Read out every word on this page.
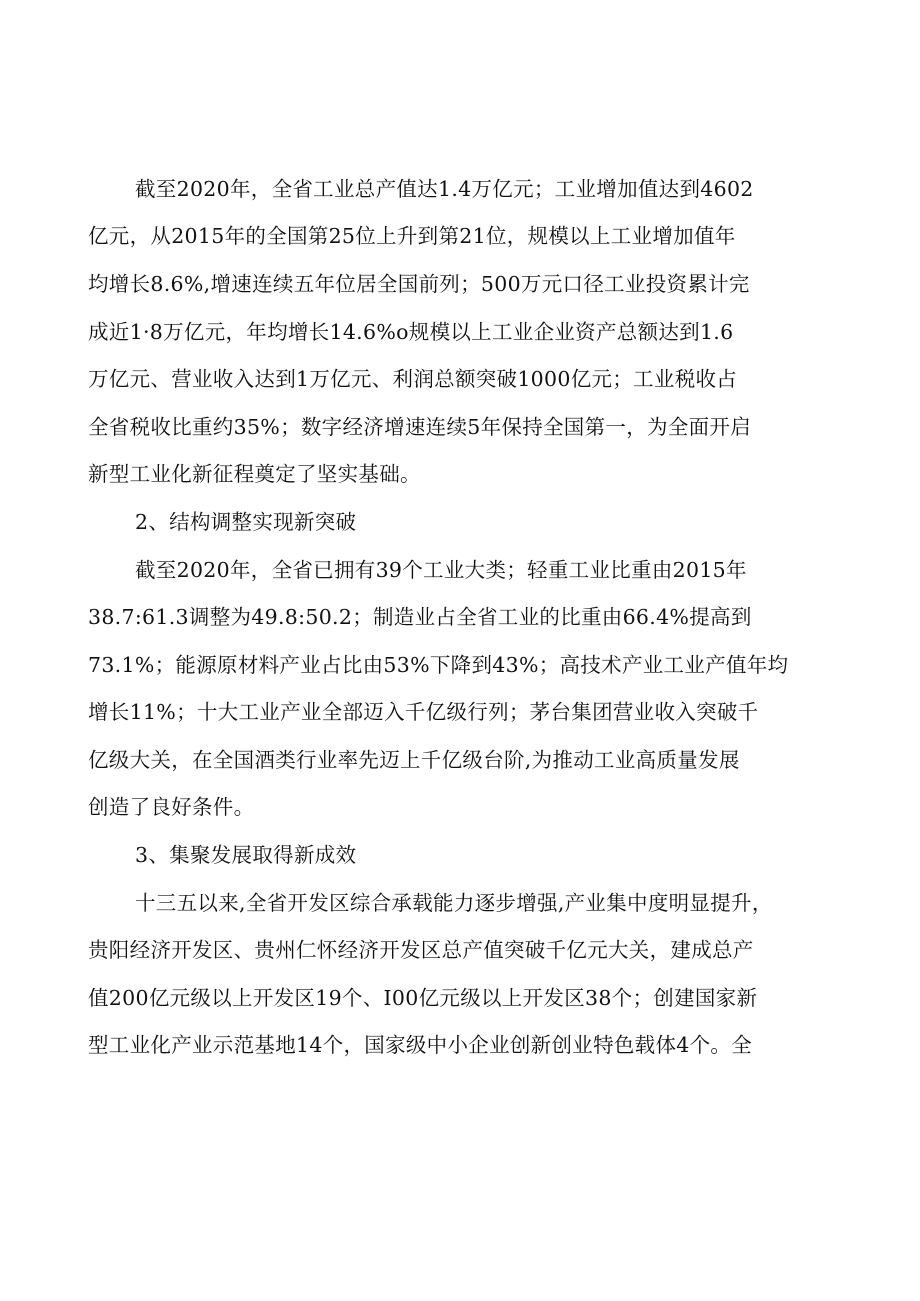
截至2020年，全省工业总产值达1.4万亿元；工业增加值达到4602
亿元，从2015年的全国第25位上升到第21位，规模以上工业增加值年
均增长8.6%,增速连续五年位居全国前列；500万元口径工业投资累计完
成近1·8万亿元，年均增长14.6%o规模以上工业企业资产总额达到1.6
万亿元、营业收入达到1万亿元、利润总额突破1000亿元；工业税收占
全省税收比重约35%；数字经济增速连续5年保持全国第一，为全面开启
新型工业化新征程奠定了坚实基础。
2、结构调整实现新突破
截至2020年，全省已拥有39个工业大类；轻重工业比重由2015年
38.7:61.3调整为49.8:50.2；制造业占全省工业的比重由66.4%提高到
73.1%；能源原材料产业占比由53%下降到43%；高技术产业工业产值年均
增长11%；十大工业产业全部迈入千亿级行列；茅台集团营业收入突破千
亿级大关，在全国酒类行业率先迈上千亿级台阶,为推动工业高质量发展
创造了良好条件。
3、集聚发展取得新成效
十三五以来,全省开发区综合承载能力逐步增强,产业集中度明显提升，
贵阳经济开发区、贵州仁怀经济开发区总产值突破千亿元大关，建成总产
值200亿元级以上开发区19个、I00亿元级以上开发区38个；创建国家新
型工业化产业示范基地14个，国家级中小企业创新创业特色载体4个。全
